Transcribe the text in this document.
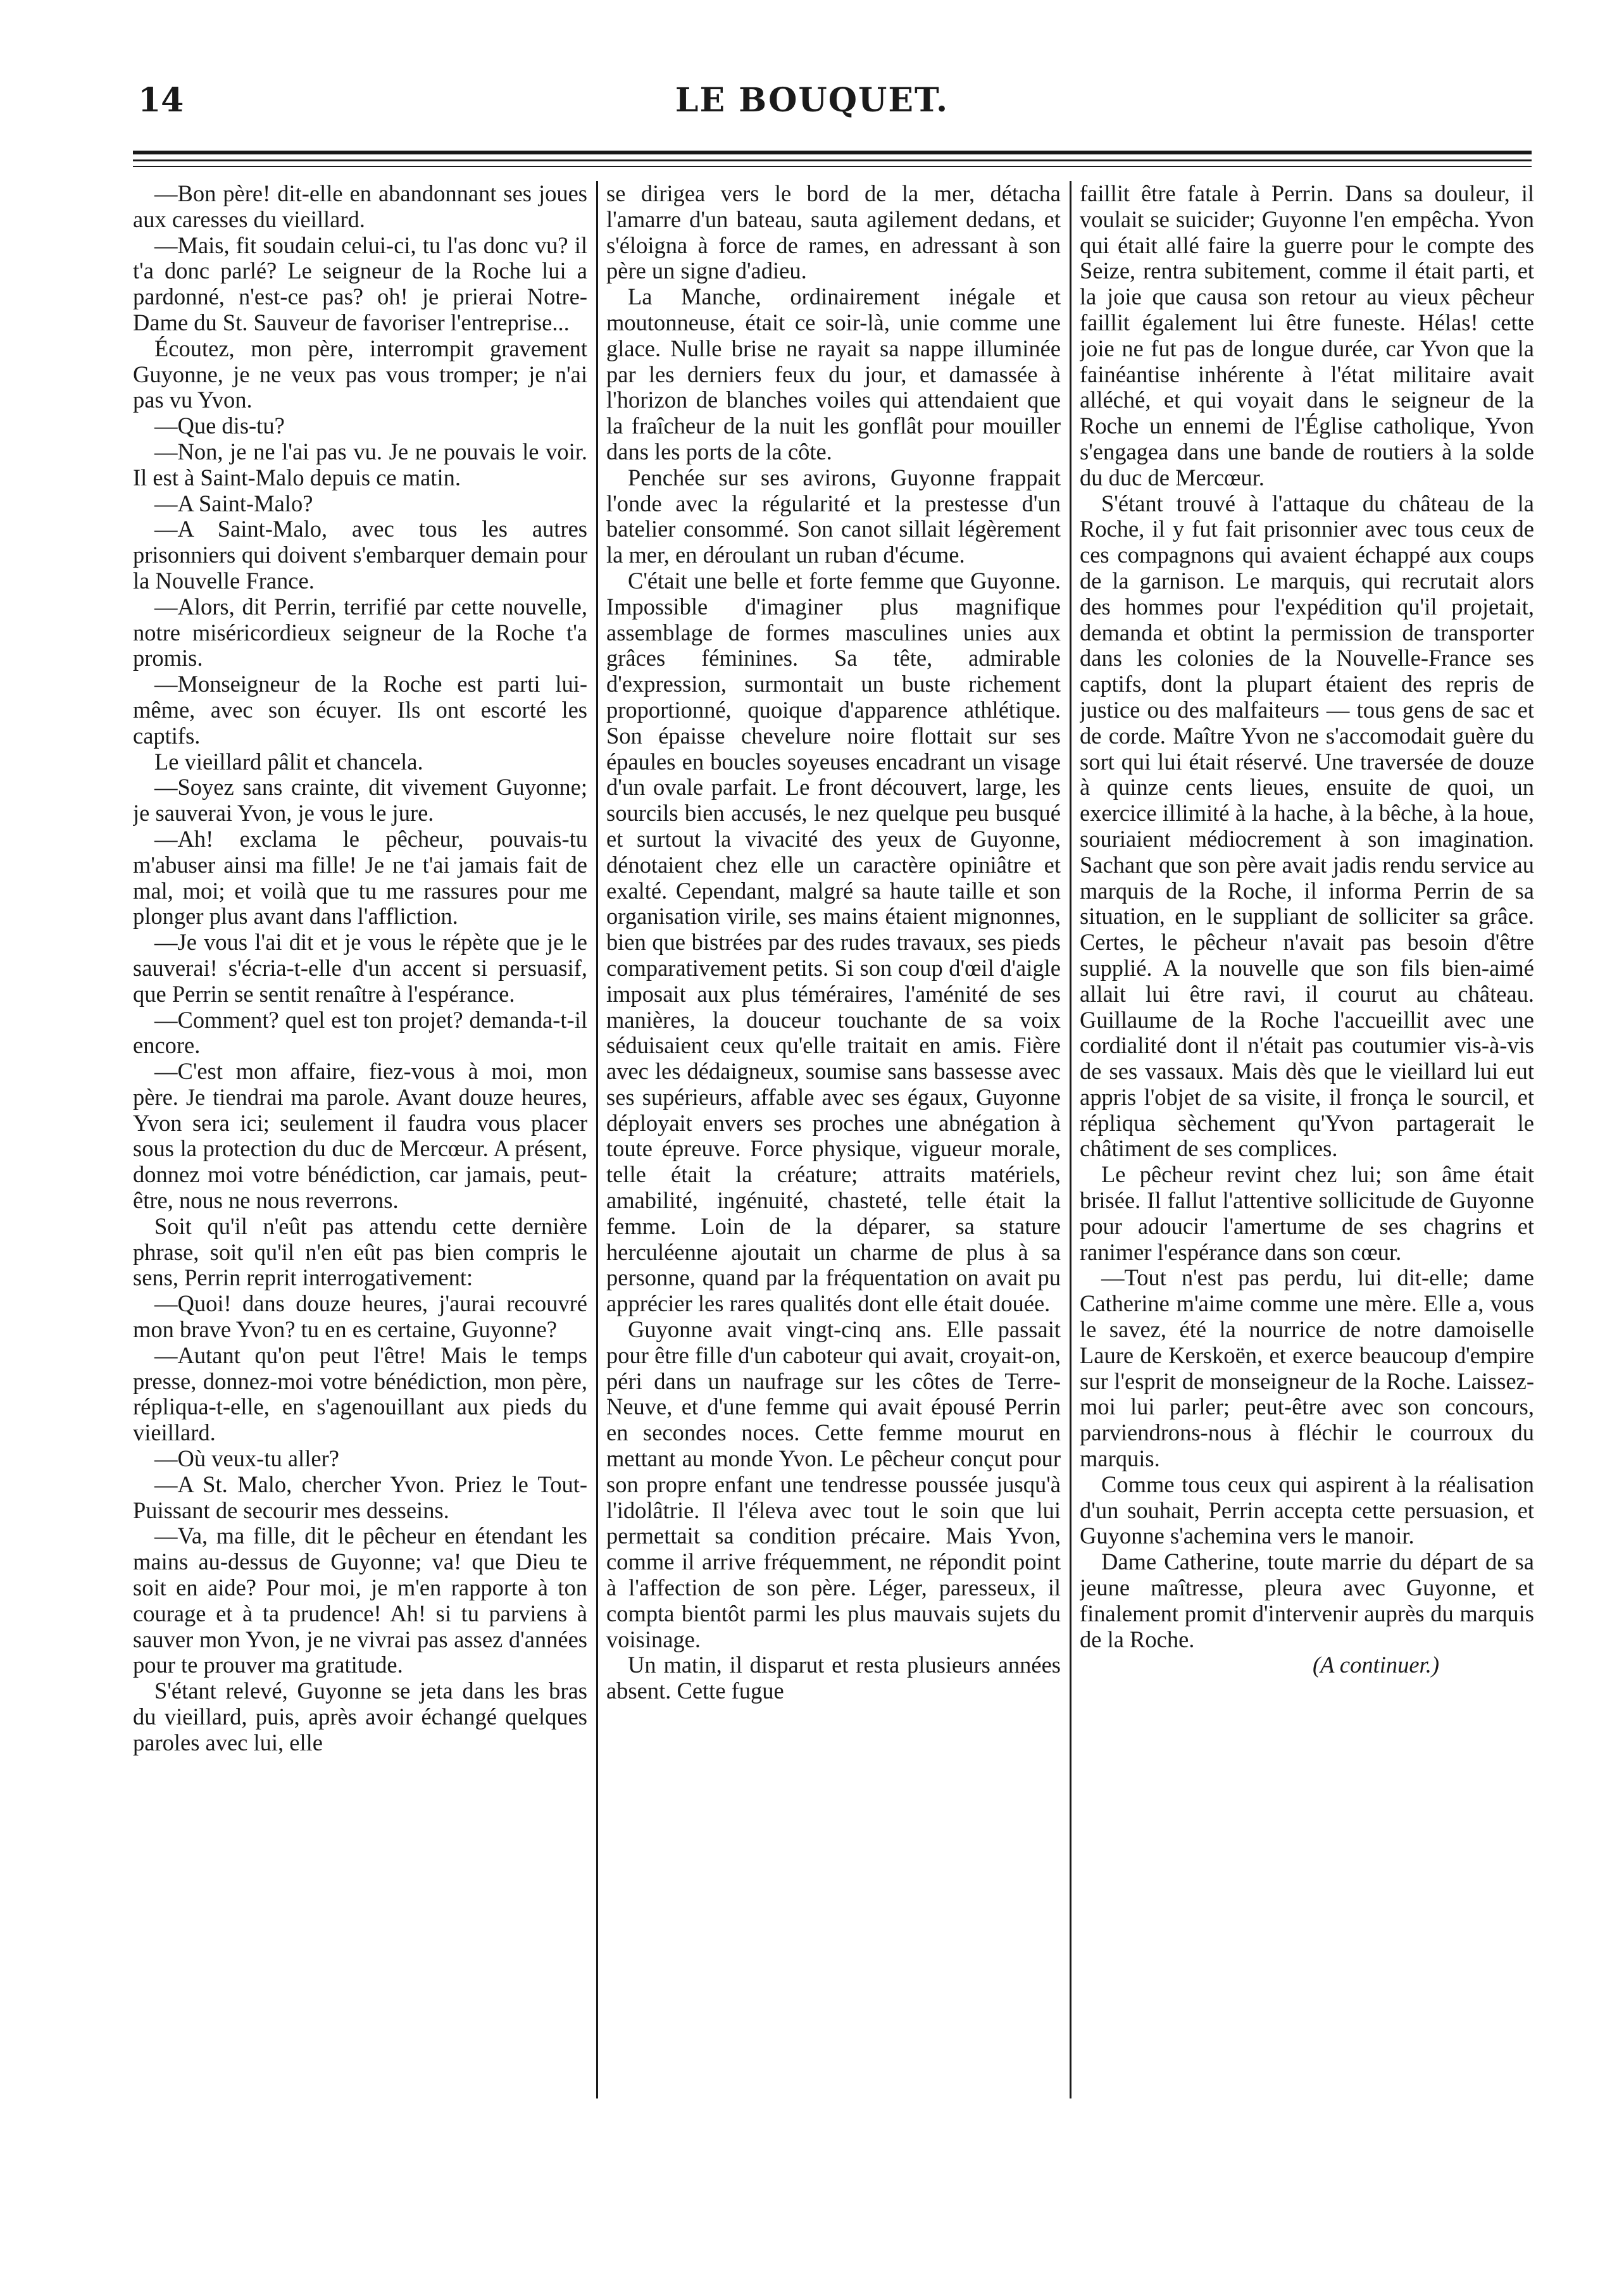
14	LE BOUQUET.

—Bon père! dit-elle en abandonnant ses joues aux caresses du vieillard.

—Mais, fit soudain celui-ci, tu l'as donc vu? il t'a donc parlé? Le seigneur de la Roche lui a pardonné, n'est-ce pas? oh! je prierai Notre-Dame du St. Sauveur de favoriser l'entreprise...

Écoutez, mon père, interrompit gravement Guyonne, je ne veux pas vous tromper; je n'ai pas vu Yvon.

—Que dis-tu?

—Non, je ne l'ai pas vu. Je ne pouvais le voir. Il est à Saint-Malo depuis ce matin.

—A Saint-Malo?

—A Saint-Malo, avec tous les autres prisonniers qui doivent s'embarquer demain pour la Nouvelle France.

—Alors, dit Perrin, terrifié par cette nouvelle, notre miséricordieux seigneur de la Roche t'a promis.

—Monseigneur de la Roche est parti lui-même, avec son écuyer. Ils ont escorté les captifs.

Le vieillard pâlit et chancela.

—Soyez sans crainte, dit vivement Guyonne; je sauverai Yvon, je vous le jure.

—Ah! exclama le pêcheur, pouvais-tu m'abuser ainsi ma fille! Je ne t'ai jamais fait de mal, moi; et voilà que tu me rassures pour me plonger plus avant dans l'affliction.

—Je vous l'ai dit et je vous le répète que je le sauverai! s'écria-t-elle d'un accent si persuasif, que Perrin se sentit renaître à l'espérance.

—Comment? quel est ton projet? demanda-t-il encore.

—C'est mon affaire, fiez-vous à moi, mon père. Je tiendrai ma parole. Avant douze heures, Yvon sera ici; seulement il faudra vous placer sous la protection du duc de Mercœur. A présent, donnez moi votre bénédiction, car jamais, peut-être, nous ne nous reverrons.

Soit qu'il n'eût pas attendu cette dernière phrase, soit qu'il n'en eût pas bien compris le sens, Perrin reprit interrogativement:

—Quoi! dans douze heures, j'aurai recouvré mon brave Yvon? tu en es certaine, Guyonne?

—Autant qu'on peut l'être! Mais le temps presse, donnez-moi votre bénédiction, mon père, répliqua-t-elle, en s'agenouillant aux pieds du vieillard.

—Où veux-tu aller?

—A St. Malo, chercher Yvon. Priez le Tout-Puissant de secourir mes desseins.

—Va, ma fille, dit le pêcheur en étendant les mains au-dessus de Guyonne; va! que Dieu te soit en aide? Pour moi, je m'en rapporte à ton courage et à ta prudence! Ah! si tu parviens à sauver mon Yvon, je ne vivrai pas assez d'années pour te prouver ma gratitude.

S'étant relevé, Guyonne se jeta dans les bras du vieillard, puis, après avoir échangé quelques paroles avec lui, elle

se dirigea vers le bord de la mer, détacha l'amarre d'un bateau, sauta agilement dedans, et s'éloigna à force de rames, en adressant à son père un signe d'adieu.

La Manche, ordinairement inégale et moutonneuse, était ce soir-là, unie comme une glace. Nulle brise ne rayait sa nappe illuminée par les derniers feux du jour, et damassée à l'horizon de blanches voiles qui attendaient que la fraîcheur de la nuit les gonflât pour mouiller dans les ports de la côte.

Penchée sur ses avirons, Guyonne frappait l'onde avec la régularité et la prestesse d'un batelier consommé. Son canot sillait légèrement la mer, en déroulant un ruban d'écume.

C'était une belle et forte femme que Guyonne. Impossible d'imaginer plus magnifique assemblage de formes masculines unies aux grâces féminines. Sa tête, admirable d'expression, surmontait un buste richement proportionné, quoique d'apparence athlétique. Son épaisse chevelure noire flottait sur ses épaules en boucles soyeuses encadrant un visage d'un ovale parfait. Le front découvert, large, les sourcils bien accusés, le nez quelque peu busqué et surtout la vivacité des yeux de Guyonne, dénotaient chez elle un caractère opiniâtre et exalté. Cependant, malgré sa haute taille et son organisation virile, ses mains étaient mignonnes, bien que bistrées par des rudes travaux, ses pieds comparativement petits. Si son coup d'œil d'aigle imposait aux plus téméraires, l'aménité de ses manières, la douceur touchante de sa voix séduisaient ceux qu'elle traitait en amis. Fière avec les dédaigneux, soumise sans bassesse avec ses supérieurs, affable avec ses égaux, Guyonne déployait envers ses proches une abnégation à toute épreuve. Force physique, vigueur morale, telle était la créature; attraits matériels, amabilité, ingénuité, chasteté, telle était la femme. Loin de la déparer, sa stature herculéenne ajoutait un charme de plus à sa personne, quand par la fréquentation on avait pu apprécier les rares qualités dont elle était douée.

Guyonne avait vingt-cinq ans. Elle passait pour être fille d'un caboteur qui avait, croyait-on, péri dans un naufrage sur les côtes de Terre-Neuve, et d'une femme qui avait épousé Perrin en secondes noces. Cette femme mourut en mettant au monde Yvon. Le pêcheur conçut pour son propre enfant une tendresse poussée jusqu'à l'idolâtrie. Il l'éleva avec tout le soin que lui permettait sa condition précaire. Mais Yvon, comme il arrive fréquemment, ne répondit point à l'affection de son père. Léger, paresseux, il compta bientôt parmi les plus mauvais sujets du voisinage.

Un matin, il disparut et resta plusieurs années absent. Cette fugue

faillit être fatale à Perrin. Dans sa douleur, il voulait se suicider; Guyonne l'en empêcha. Yvon qui était allé faire la guerre pour le compte des Seize, rentra subitement, comme il était parti, et la joie que causa son retour au vieux pêcheur faillit également lui être funeste. Hélas! cette joie ne fut pas de longue durée, car Yvon que la fainéantise inhérente à l'état militaire avait alléché, et qui voyait dans le seigneur de la Roche un ennemi de l'Église catholique, Yvon s'engagea dans une bande de routiers à la solde du duc de Mercœur.

S'étant trouvé à l'attaque du château de la Roche, il y fut fait prisonnier avec tous ceux de ces compagnons qui avaient échappé aux coups de la garnison. Le marquis, qui recrutait alors des hommes pour l'expédition qu'il projetait, demanda et obtint la permission de transporter dans les colonies de la Nouvelle-France ses captifs, dont la plupart étaient des repris de justice ou des malfaiteurs — tous gens de sac et de corde. Maître Yvon ne s'accomodait guère du sort qui lui était réservé. Une traversée de douze à quinze cents lieues, ensuite de quoi, un exercice illimité à la hache, à la bêche, à la houe, souriaient médiocrement à son imagination. Sachant que son père avait jadis rendu service au marquis de la Roche, il informa Perrin de sa situation, en le suppliant de solliciter sa grâce. Certes, le pêcheur n'avait pas besoin d'être supplié. A la nouvelle que son fils bien-aimé allait lui être ravi, il courut au château. Guillaume de la Roche l'accueillit avec une cordialité dont il n'était pas coutumier vis-à-vis de ses vassaux. Mais dès que le vieillard lui eut appris l'objet de sa visite, il fronça le sourcil, et répliqua sèchement qu'Yvon partagerait le châtiment de ses complices.

Le pêcheur revint chez lui; son âme était brisée. Il fallut l'attentive sollicitude de Guyonne pour adoucir l'amertume de ses chagrins et ranimer l'espérance dans son cœur.

—Tout n'est pas perdu, lui dit-elle; dame Catherine m'aime comme une mère. Elle a, vous le savez, été la nourrice de notre damoiselle Laure de Kerskoën, et exerce beaucoup d'empire sur l'esprit de monseigneur de la Roche. Laissez-moi lui parler; peut-être avec son concours, parviendrons-nous à fléchir le courroux du marquis.

Comme tous ceux qui aspirent à la réalisation d'un souhait, Perrin accepta cette persuasion, et Guyonne s'achemina vers le manoir.

Dame Catherine, toute marrie du départ de sa jeune maîtresse, pleura avec Guyonne, et finalement promit d'intervenir auprès du marquis de la Roche.

(A continuer.)
